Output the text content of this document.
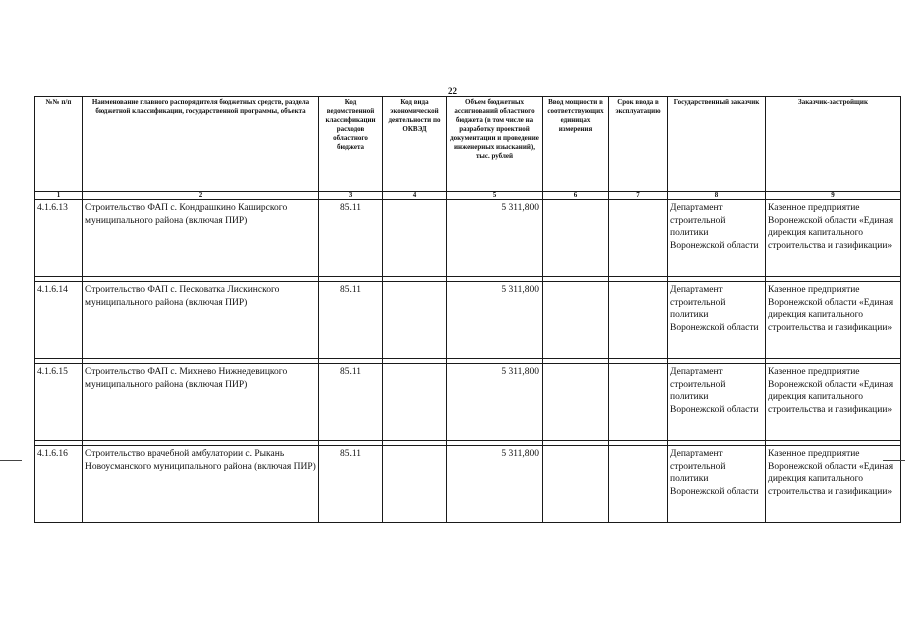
22
№№ п/п	Наименование главного распорядителя бюджетных средств, раздела бюджетной классификации, государственной программы, объекта	Код ведомственной классификации расходов областного бюджета	Код вида экономической деятельности по ОКВЭД	Объем бюджетных ассигнований областного бюджета (в том числе на разработку проектной документации и проведение инженерных изысканий), тыс. рублей	Ввод мощности в соответствующих единицах измерения	Срок ввода в эксплуатацию	Государственный заказчик	Заказчик-застройщик
1	2	3	4	5	6	7	8	9
4.1.6.13	Строительство ФАП с. Кондрашкино Каширского муниципального района (включая ПИР)	85.11		5 311,800			Департамент строительной политики Воронежской области	Казенное предприятие Воронежской области «Единая дирекция капитального строительства и газификации»

4.1.6.14	Строительство ФАП с. Песковатка Лискинского муниципального района (включая ПИР)	85.11		5 311,800			Департамент строительной политики Воронежской области	Казенное предприятие Воронежской области «Единая дирекция капитального строительства и газификации»

4.1.6.15	Строительство ФАП с. Михнево Нижнедевицкого муниципального района (включая ПИР)	85.11		5 311,800			Департамент строительной политики Воронежской области	Казенное предприятие Воронежской области «Единая дирекция капитального строительства и газификации»

4.1.6.16	Строительство врачебной амбулатории с. Рыкань Новоусманского муниципального района (включая ПИР)	85.11		5 311,800			Департамент строительной политики Воронежской области	Казенное предприятие Воронежской области «Единая дирекция капитального строительства и газификации»
